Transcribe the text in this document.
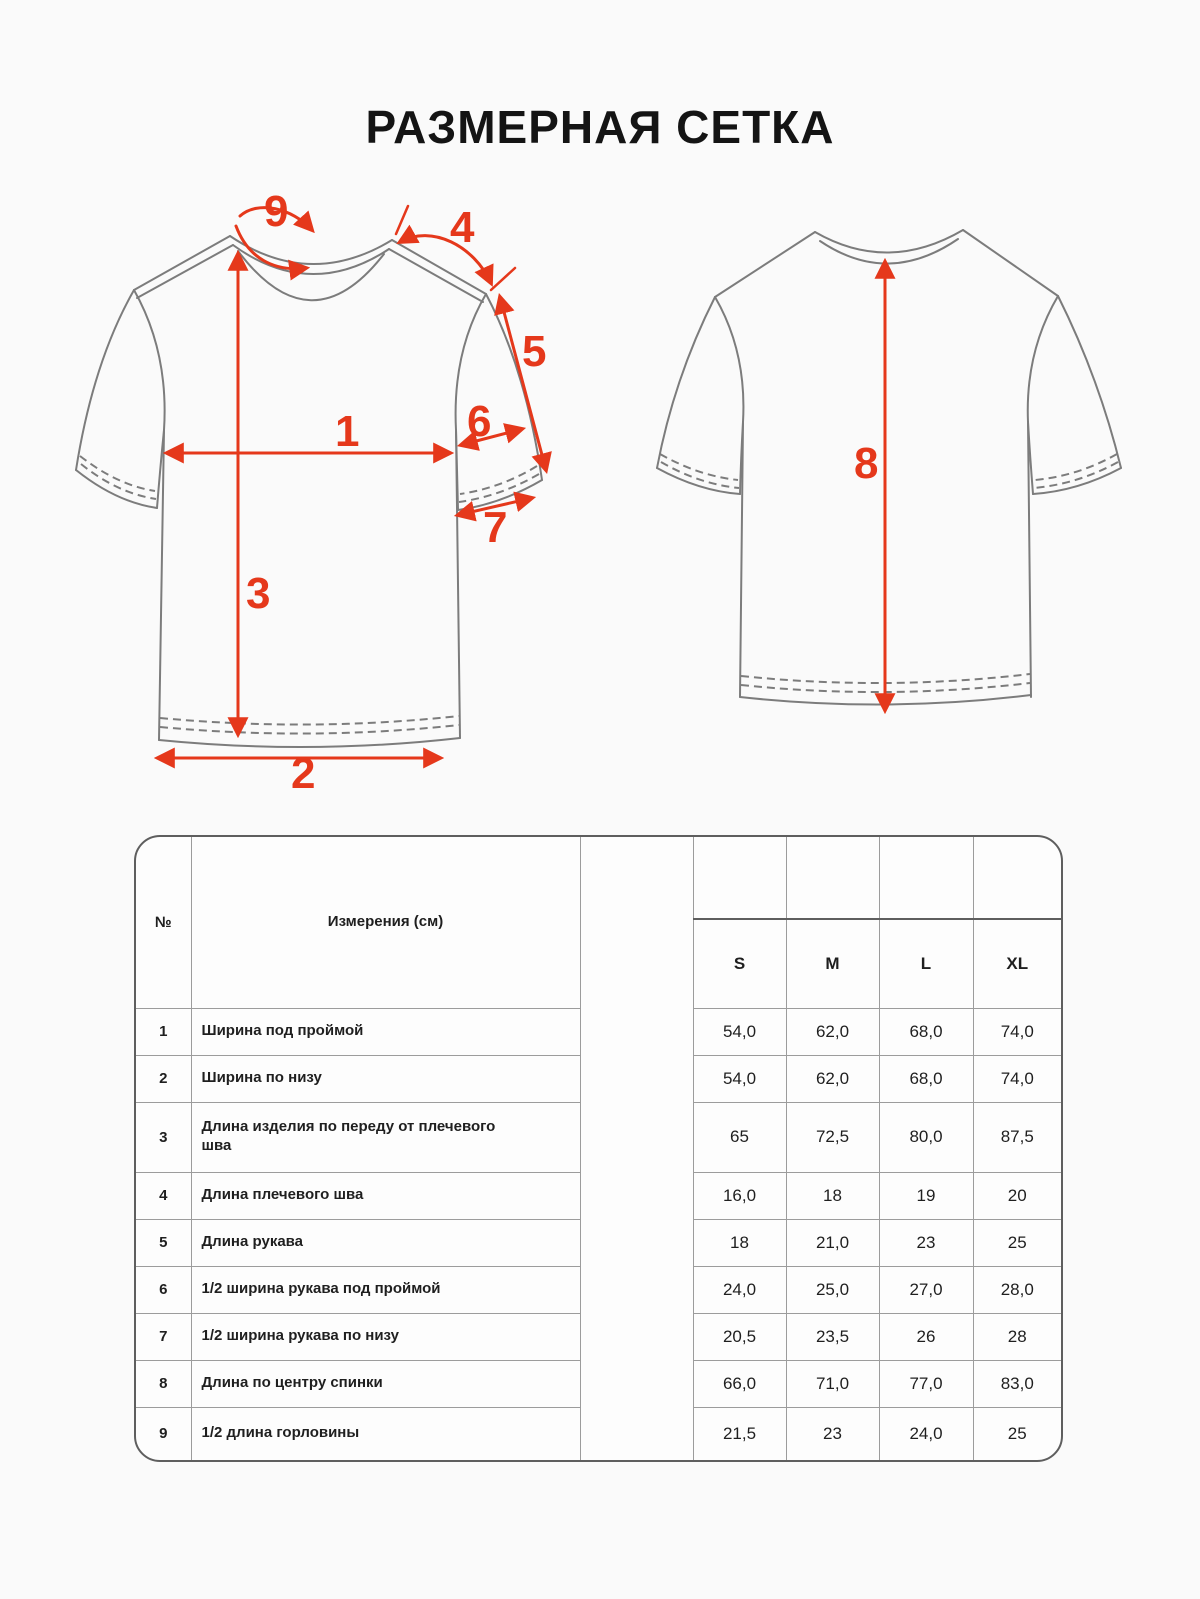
РАЗМЕРНАЯ СЕТКА
9	4
5
6
1
7
3
2
8
№	Измерения (см)					
			S	M	L	XL
1	Ширина под проймой		54,0	62,0	68,0	74,0
2	Ширина по низу		54,0	62,0	68,0	74,0
3	Длина изделия по переду от плечевого шва		65	72,5	80,0	87,5
4	Длина плечевого шва		16,0	18	19	20
5	Длина рукава		18	21,0	23	25
6	1/2 ширина рукава под проймой		24,0	25,0	27,0	28,0
7	1/2 ширина рукава по низу		20,5	23,5	26	28
8	Длина по центру спинки		66,0	71,0	77,0	83,0
9	1/2 длина горловины		21,5	23	24,0	25
